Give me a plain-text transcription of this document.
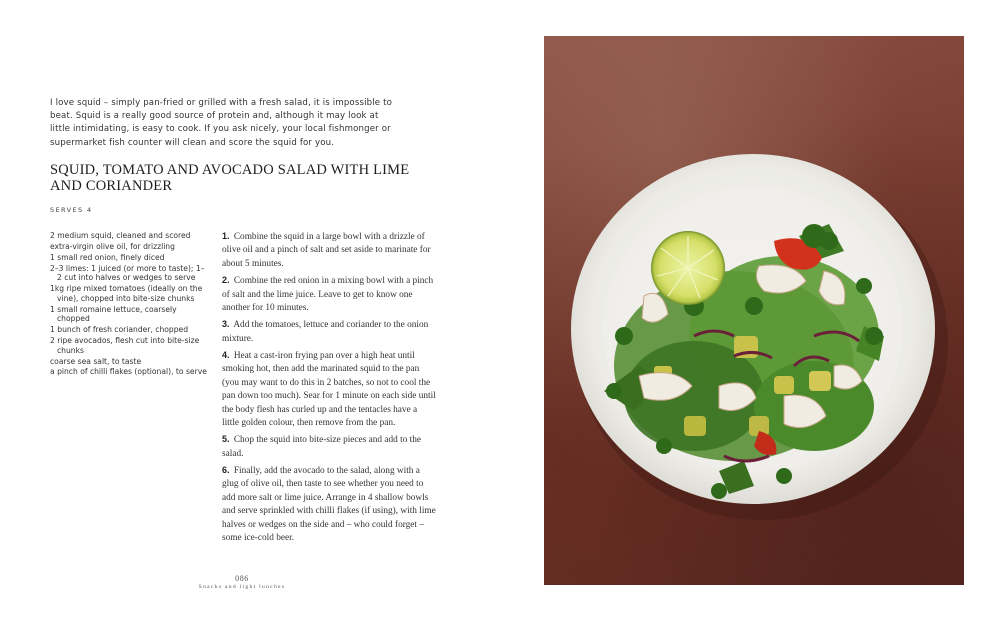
I love squid – simply pan-fried or grilled with a fresh salad, it is impossible to beat. Squid is a really good source of protein and, although it may look at little intimidating, is easy to cook. If you ask nicely, your local fishmonger or supermarket fish counter will clean and score the squid for you.

SQUID, TOMATO AND AVOCADO SALAD WITH LIME AND CORIANDER
SERVES 4
2 medium squid, cleaned and scored
extra-virgin olive oil, for drizzling
1 small red onion, finely diced
2–3 limes: 1 juiced (or more to taste); 1–2 cut into halves or wedges to serve
1kg ripe mixed tomatoes (ideally on the vine), chopped into bite-size chunks
1 small romaine lettuce, coarsely chopped
1 bunch of fresh coriander, chopped
2 ripe avocados, flesh cut into bite-size chunks
coarse sea salt, to taste
a pinch of chilli flakes (optional), to serve
1. Combine the squid in a large bowl with a drizzle of olive oil and a pinch of salt and set aside to marinate for about 5 minutes.
2. Combine the red onion in a mixing bowl with a pinch of salt and the lime juice. Leave to get to know one another for 10 minutes.
3. Add the tomatoes, lettuce and coriander to the onion mixture.
4. Heat a cast-iron frying pan over a high heat until smoking hot, then add the marinated squid to the pan (you may want to do this in 2 batches, so not to cool the pan down too much). Sear for 1 minute on each side until the body flesh has curled up and the tentacles have a little golden colour, then remove from the pan.
5. Chop the squid into bite-size pieces and add to the salad.
6. Finally, add the avocado to the salad, along with a glug of olive oil, then taste to see whether you need to add more salt or lime juice. Arrange in 4 shallow bowls and serve sprinkled with chilli flakes (if using), with lime halves or wedges on the side and – who could forget – some ice-cold beer.
086
Snacks and light lunches
